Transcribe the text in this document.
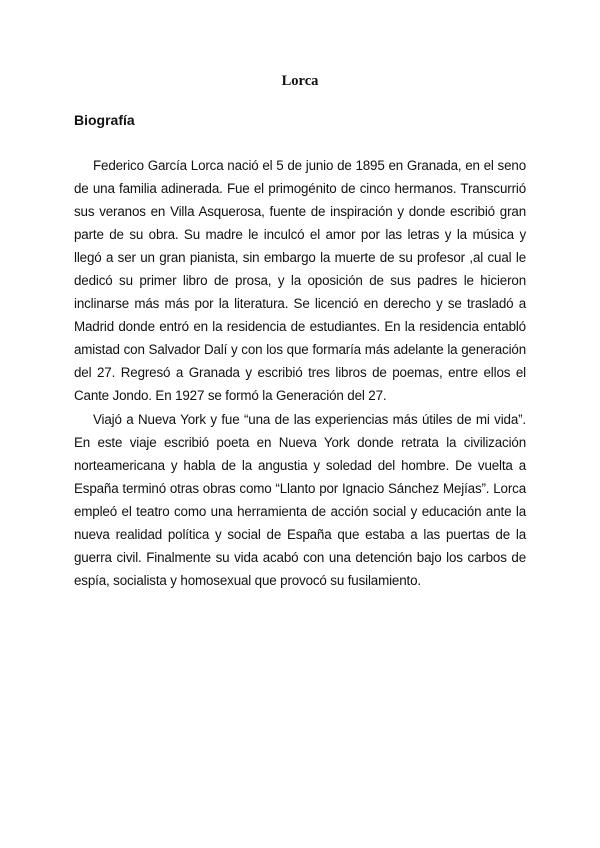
Lorca
Biografía

Federico García Lorca nació el 5 de junio de 1895 en Granada, en el seno de una familia adinerada. Fue el primogénito de cinco hermanos. Transcurrió sus veranos en Villa Asquerosa, fuente de inspiración y donde escribió gran parte de su obra. Su madre le inculcó el amor por las letras y la música y llegó a ser un gran pianista, sin embargo la muerte de su profesor ,al cual le dedicó su primer libro de prosa, y la oposición de sus padres le hicieron inclinarse más más por la literatura. Se licenció en derecho y se trasladó a Madrid donde entró en la residencia de estudiantes. En la residencia entabló amistad con Salvador Dalí y con los que formaría más adelante la generación del 27. Regresó a Granada y escribió tres libros de poemas, entre ellos el Cante Jondo. En 1927 se formó la Generación del 27.

Viajó a Nueva York y fue “una de las experiencias más útiles de mi vida”. En este viaje escribió poeta en Nueva York donde retrata la civilización norteamericana y habla de la angustia y soledad del hombre. De vuelta a España terminó otras obras como “Llanto por Ignacio Sánchez Mejías”. Lorca empleó el teatro como una herramienta de acción social y educación ante la nueva realidad política y social de España que estaba a las puertas de la guerra civil. Finalmente su vida acabó con una detención bajo los carbos de espía, socialista y homosexual que provocó su fusilamiento.
